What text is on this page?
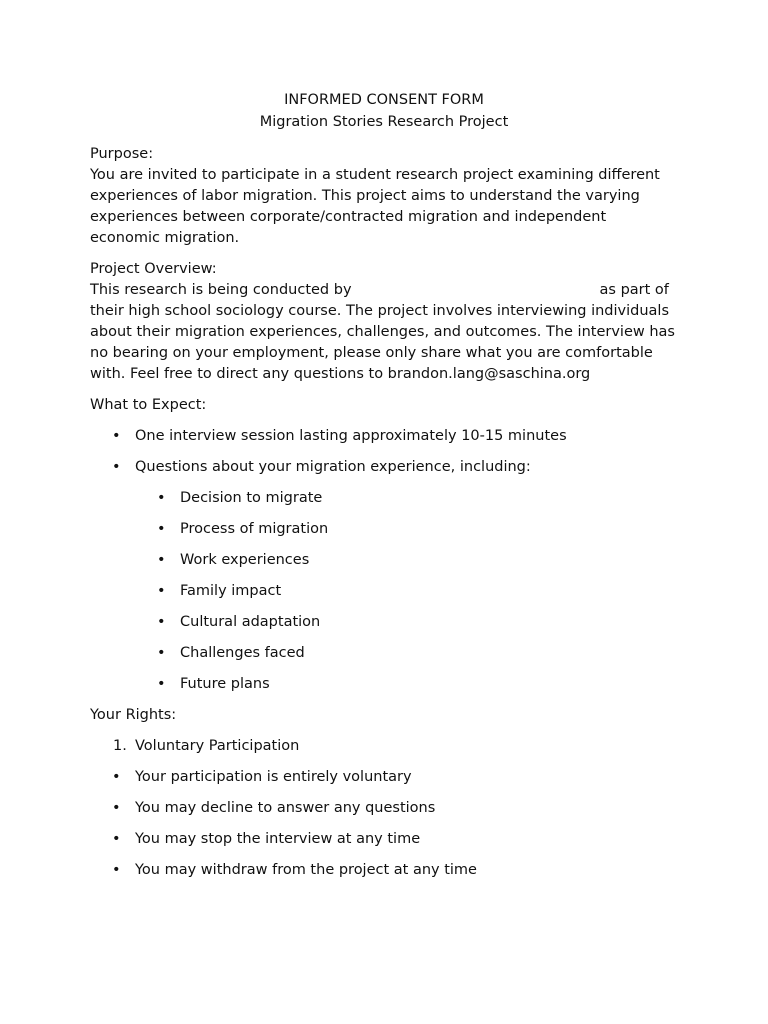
INFORMED CONSENT FORM
Migration Stories Research Project
Purpose:

You are invited to participate in a student research project examining different experiences of labor migration. This project aims to understand the varying experiences between corporate/contracted migration and independent economic migration.

Project Overview:

This research is being conducted by	as part of their high school sociology course. The project involves interviewing individuals about their migration experiences, challenges, and outcomes. The interview has no bearing on your employment, please only share what you are comfortable with. Feel free to direct any questions to brandon.lang@saschina.org

What to Expect:
• One interview session lasting approximately 10-15 minutes
• Questions about your migration experience, including:
• Decision to migrate
• Process of migration
• Work experiences
• Family impact
• Cultural adaptation
• Challenges faced
• Future plans
Your Rights:
1. Voluntary Participation
• Your participation is entirely voluntary
• You may decline to answer any questions
• You may stop the interview at any time
• You may withdraw from the project at any time
